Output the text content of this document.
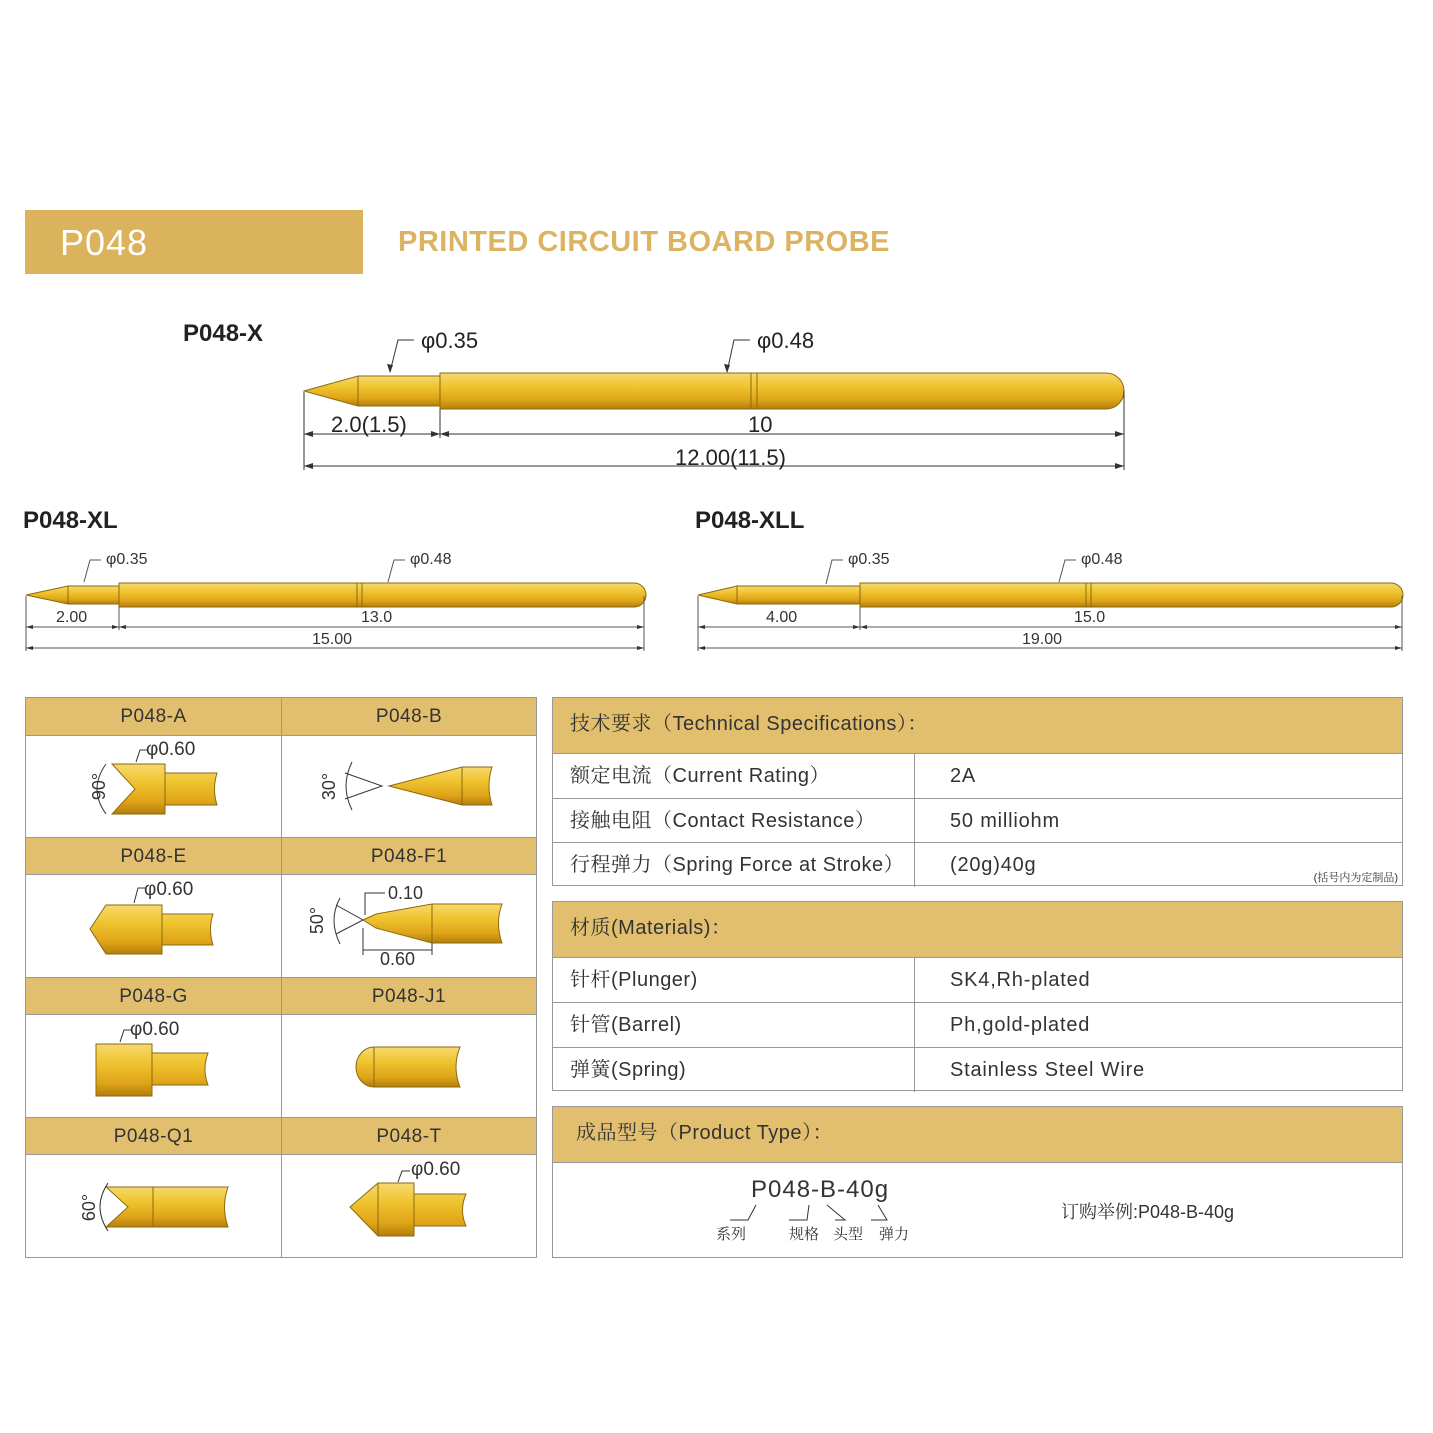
P048	PRINTED CIRCUIT BOARD PROBE
P048-X	φ0.35	φ0.48
2.0(1.5)	10
12.00(11.5)
P048-XL
φ0.35	φ0.48
2.00	13.0
15.00
P048-XLL
φ0.35	φ0.48
4.00	15.0
19.00
P048-A	P048-B
P048-E	P048-F1
P048-G	P048-J1
P048-Q1	P048-T
φ0.60
90°	30°
φ0.60
50°
0.10
0.60
φ0.60
60°
φ0.60
技术要求（Technical Specifications）：
额定电流（Current Rating）	2A
接触电阻（Contact Resistance）	50 milliohm
行程弹力（Spring Force at Stroke） (20g)40g
(括号内为定制品)
材质(Materials)：
针杆(Plunger)	SK4,Rh-plated
针管(Barrel)	Ph,gold-plated
弹簧(Spring)	Stainless Steel Wire
成品型号（Product Type）：
P048-B-40g
系列	规格 头型 弹力
订购举例:P048-B-40g
